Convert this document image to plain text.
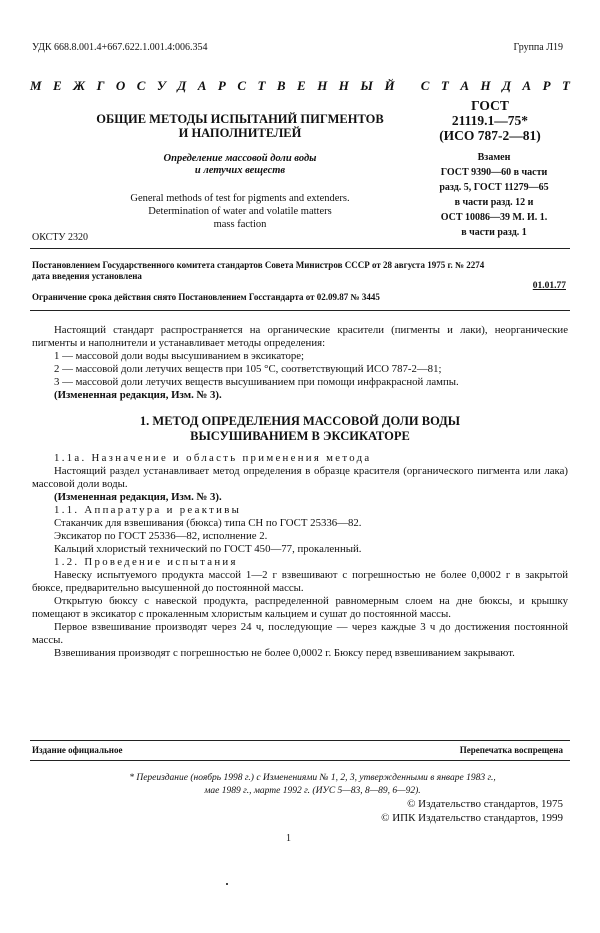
УДК 668.8.001.4+667.622.1.001.4:006.354	Группа Л19
М Е Ж Г О С У Д А Р С Т В Е Н Н Ы Й
С Т А Н Д А Р Т
ОБЩИЕ МЕТОДЫ ИСПЫТАНИЙ ПИГМЕНТОВ
И НАПОЛНИТЕЛЕЙ
Определение массовой доли воды
и летучих веществ
General methods of test for pigments and extenders.
Determination of water and volatile matters
mass faction
ОКСТУ 2320
ГОСТ
21119.1—75*
(ИСО 787-2—81)
Взамен
ГОСТ 9390—60 в части
разд. 5, ГОСТ 11279—65
в части разд. 12 и
ОСТ 10086—39 М. И. 1.
в части разд. 1
Постановлением Государственного комитета стандартов Совета Министров СССР от 28 августа 1975 г. № 2274
дата введения установлена
01.01.77
Ограничение срока действия снято Постановлением Госстандарта от 02.09.87 № 3445

Настоящий стандарт распространяется на органические красители (пигменты и лаки), неорганические пигменты и наполнители и устанавливает методы определения:

1 — массовой доли воды высушиванием в эксикаторе;

2 — массовой доли летучих веществ при 105 °С, соответствующий ИСО 787-2—81;

3 — массовой доли летучих веществ высушиванием при помощи инфракрасной лампы.

(Измененная редакция, Изм. № 3).

1. МЕТОД ОПРЕДЕЛЕНИЯ МАССОВОЙ ДОЛИ ВОДЫ
ВЫСУШИВАНИЕМ В ЭКСИКАТОРЕ

1.1а. Назначение и область применения метода

Настоящий раздел устанавливает метод определения в образце красителя (органического пигмента или лака) массовой доли воды.

(Измененная редакция, Изм. № 3).

1.1. Аппаратура и реактивы

Стаканчик для взвешивания (бюкса) типа СН по ГОСТ 25336—82.

Эксикатор по ГОСТ 25336—82, исполнение 2.

Кальций хлористый технический по ГОСТ 450—77, прокаленный.

1.2. Проведение испытания

Навеску испытуемого продукта массой 1—2 г взвешивают с погрешностью не более 0,0002 г в закрытой бюксе, предварительно высушенной до постоянной массы.

Открытую бюксу с навеской продукта, распределенной равномерным слоем на дне бюксы, и крышку помещают в эксикатор с прокаленным хлористым кальцием и сушат до постоянной массы.

Первое взвешивание производят через 24 ч, последующие — через каждые 3 ч до достижения постоянной массы.

Взвешивания производят с погрешностью не более 0,0002 г. Бюксу перед взвешиванием закрывают.

Издание официальное	Перепечатка воспрещена
* Переиздание (ноябрь 1998 г.) с Изменениями № 1, 2, 3, утвержденными в январе 1983 г.,
мае 1989 г., марте 1992 г. (ИУС 5—83, 8—89, 6—92).
© Издательство стандартов, 1975
© ИПК Издательство стандартов, 1999
1
